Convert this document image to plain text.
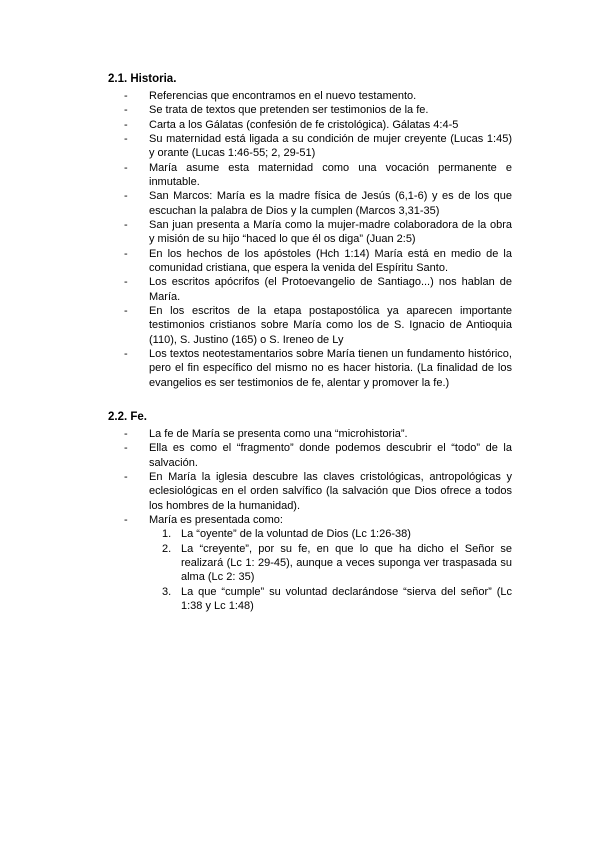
2.1. Historia.
- Referencias que encontramos en el nuevo testamento.
- Se trata de textos que pretenden ser testimonios de la fe.
- Carta a los Gálatas (confesión de fe cristológica). Gálatas 4:4-5
- Su maternidad está ligada a su condición de mujer creyente (Lucas 1:45) y orante (Lucas 1:46-55; 2, 29-51)
- María asume esta maternidad como una vocación permanente e inmutable.
- San Marcos: María es la madre física de Jesús (6,1-6) y es de los que escuchan la palabra de Dios y la cumplen (Marcos 3,31-35)
- San juan presenta a María como la mujer-madre colaboradora de la obra y misión de su hijo “haced lo que él os diga” (Juan 2:5)
- En los hechos de los apóstoles (Hch 1:14) María está en medio de la comunidad cristiana, que espera la venida del Espíritu Santo.
- Los escritos apócrifos (el Protoevangelio de Santiago...) nos hablan de María.
- En los escritos de la etapa postapostólica ya aparecen importante testimonios cristianos sobre María como los de S. Ignacio de Antioquia (110), S. Justino (165) o S. Ireneo de Ly
- Los textos neotestamentarios sobre María tienen un fundamento histórico, pero el fin específico del mismo no es hacer historia. (La finalidad de los evangelios es ser testimonios de fe, alentar y promover la fe.)
2.2. Fe.
- La fe de María se presenta como una “microhistoria”.
- Ella es como el “fragmento” donde podemos descubrir el “todo” de la salvación.
- En María la iglesia descubre las claves cristológicas, antropológicas y eclesiológicas en el orden salvífico (la salvación que Dios ofrece a todos los hombres de la humanidad).
- María es presentada como:
1. La “oyente” de la voluntad de Dios (Lc 1:26-38)
2. La “creyente”, por su fe, en que lo que ha dicho el Señor se realizará (Lc 1: 29-45), aunque a veces suponga ver traspasada su alma (Lc 2: 35)
3. La que “cumple” su voluntad declarándose “sierva del señor” (Lc 1:38 y Lc 1:48)
